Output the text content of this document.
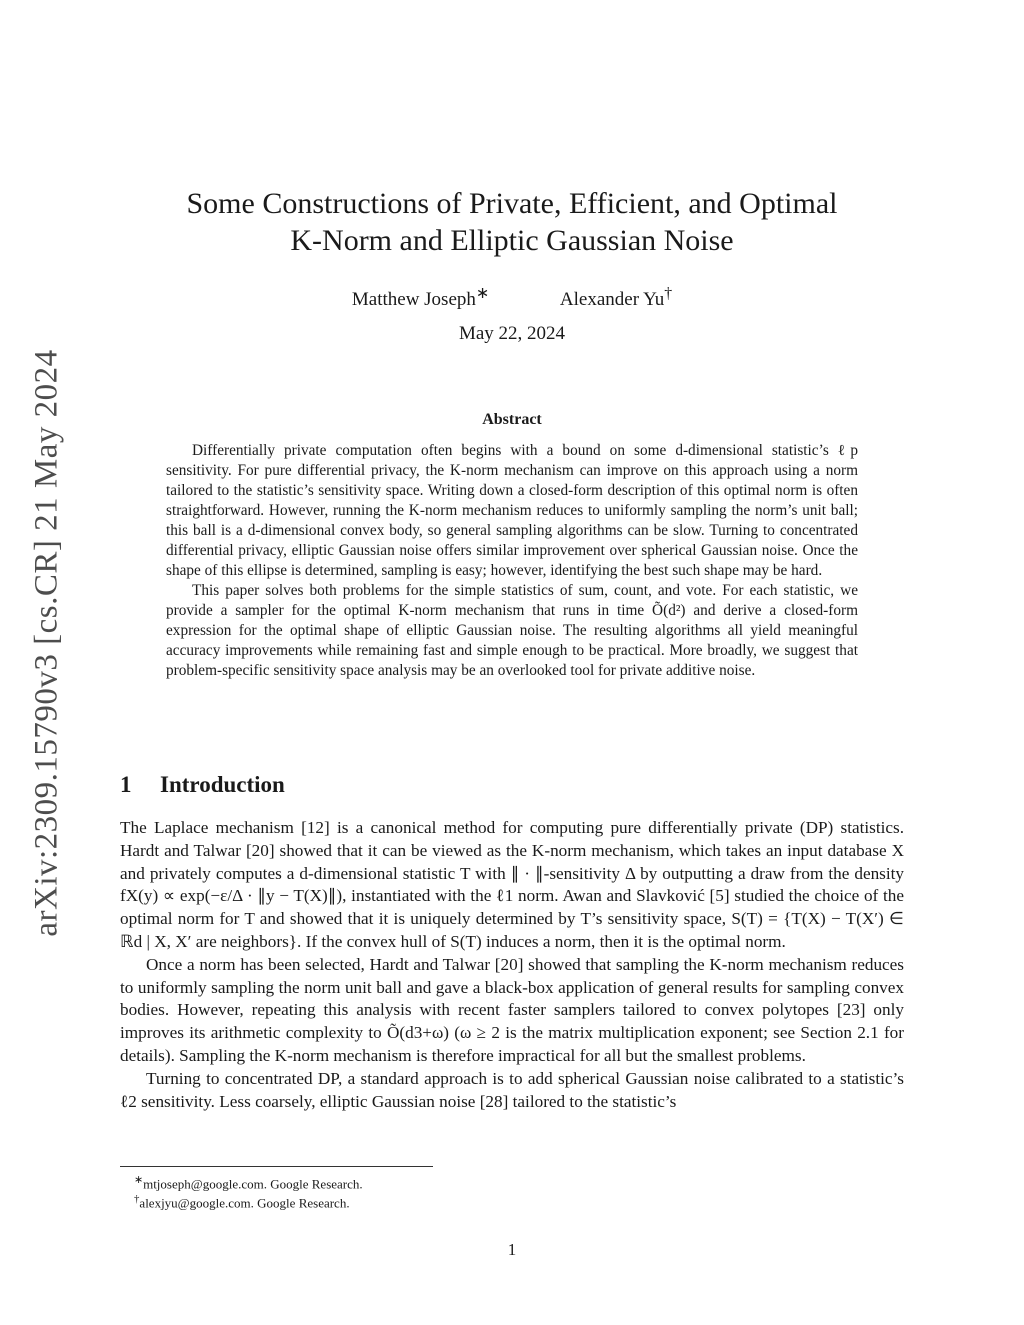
arXiv:2309.15790v3 [cs.CR] 21 May 2024
Some Constructions of Private, Efficient, and Optimal
K-Norm and Elliptic Gaussian Noise
Matthew Joseph∗	Alexander Yu†
May 22, 2024
Abstract

Differentially private computation often begins with a bound on some d-dimensional statistic’s ℓp sensitivity. For pure differential privacy, the K-norm mechanism can improve on this approach using a norm tailored to the statistic’s sensitivity space. Writing down a closed-form description of this optimal norm is often straightforward. However, running the K-norm mechanism reduces to uniformly sampling the norm’s unit ball; this ball is a d-dimensional convex body, so general sampling algorithms can be slow. Turning to concentrated differential privacy, elliptic Gaussian noise offers similar improvement over spherical Gaussian noise. Once the shape of this ellipse is determined, sampling is easy; however, identifying the best such shape may be hard.

This paper solves both problems for the simple statistics of sum, count, and vote. For each statistic, we provide a sampler for the optimal K-norm mechanism that runs in time Õ(d²) and derive a closed-form expression for the optimal shape of elliptic Gaussian noise. The resulting algorithms all yield meaningful accuracy improvements while remaining fast and simple enough to be practical. More broadly, we suggest that problem-specific sensitivity space analysis may be an overlooked tool for private additive noise.

1 Introduction

The Laplace mechanism [12] is a canonical method for computing pure differentially private (DP) statistics. Hardt and Talwar [20] showed that it can be viewed as the K-norm mechanism, which takes an input database X and privately computes a d-dimensional statistic T with ∥ · ∥-sensitivity Δ by outputting a draw from the density fX(y) ∝ exp(−ε/Δ · ∥y − T(X)∥), instantiated with the ℓ1 norm. Awan and Slavković [5] studied the choice of the optimal norm for T and showed that it is uniquely determined by T’s sensitivity space, S(T) = {T(X) − T(X′) ∈ ℝd | X, X′ are neighbors}. If the convex hull of S(T) induces a norm, then it is the optimal norm.

Once a norm has been selected, Hardt and Talwar [20] showed that sampling the K-norm mechanism reduces to uniformly sampling the norm unit ball and gave a black-box application of general results for sampling convex bodies. However, repeating this analysis with recent faster samplers tailored to convex polytopes [23] only improves its arithmetic complexity to Õ(d3+ω) (ω ≥ 2 is the matrix multiplication exponent; see Section 2.1 for details). Sampling the K-norm mechanism is therefore impractical for all but the smallest problems.

Turning to concentrated DP, a standard approach is to add spherical Gaussian noise calibrated to a statistic’s ℓ2 sensitivity. Less coarsely, elliptic Gaussian noise [28] tailored to the statistic’s

∗mtjoseph@google.com. Google Research.
†alexjyu@google.com. Google Research.
1
